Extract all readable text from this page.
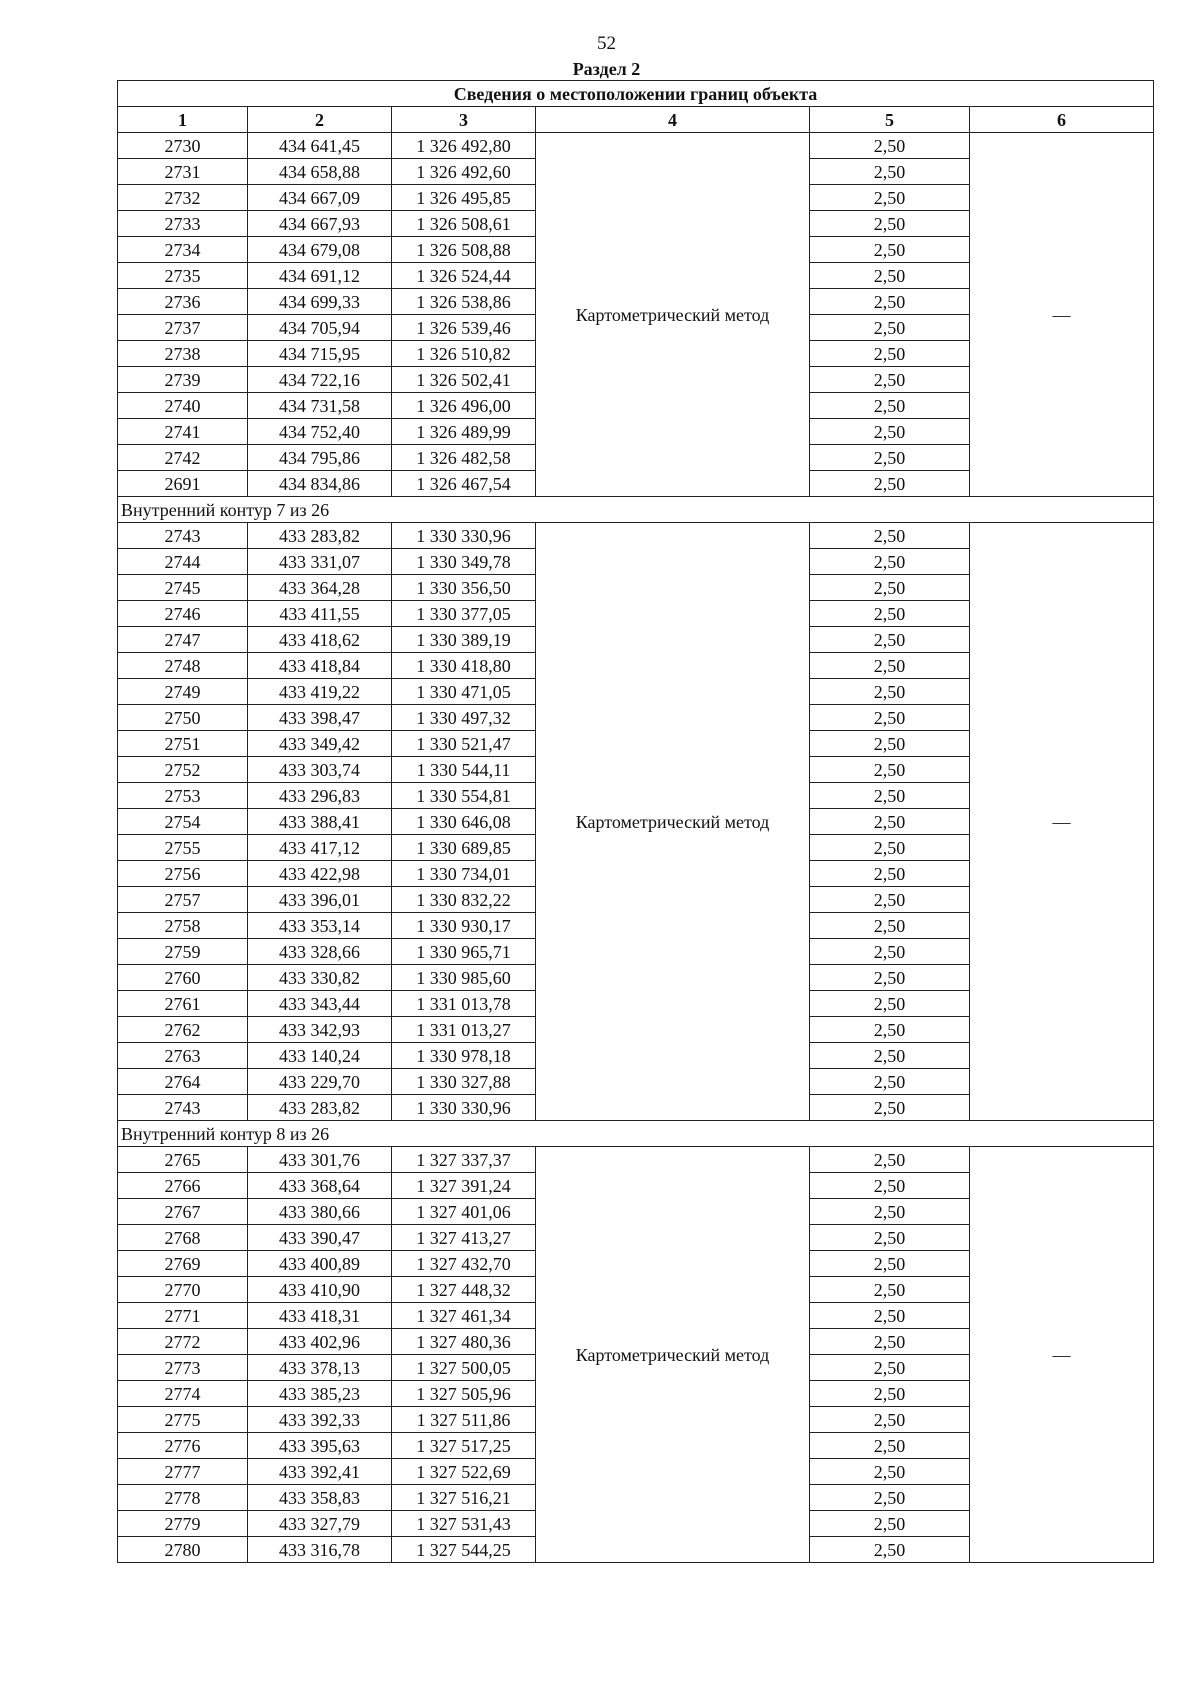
52
Раздел 2
Сведения о местоположении границ объекта					
1	2	3	4	5	6
2730	434 641,45	1 326 492,80	Картометрический метод	2,50	—
2731	434 658,88	1 326 492,60		2,50	
2732	434 667,09	1 326 495,85		2,50	
2733	434 667,93	1 326 508,61		2,50	
2734	434 679,08	1 326 508,88		2,50	
2735	434 691,12	1 326 524,44		2,50	
2736	434 699,33	1 326 538,86		2,50	
2737	434 705,94	1 326 539,46		2,50	
2738	434 715,95	1 326 510,82		2,50	
2739	434 722,16	1 326 502,41		2,50	
2740	434 731,58	1 326 496,00		2,50	
2741	434 752,40	1 326 489,99		2,50	
2742	434 795,86	1 326 482,58		2,50	
2691	434 834,86	1 326 467,54		2,50	
Внутренний контур 7 из 26					
2743	433 283,82	1 330 330,96	Картометрический метод	2,50	—
2744	433 331,07	1 330 349,78		2,50	
2745	433 364,28	1 330 356,50		2,50	
2746	433 411,55	1 330 377,05		2,50	
2747	433 418,62	1 330 389,19		2,50	
2748	433 418,84	1 330 418,80		2,50	
2749	433 419,22	1 330 471,05		2,50	
2750	433 398,47	1 330 497,32		2,50	
2751	433 349,42	1 330 521,47		2,50	
2752	433 303,74	1 330 544,11		2,50	
2753	433 296,83	1 330 554,81		2,50	
2754	433 388,41	1 330 646,08		2,50	
2755	433 417,12	1 330 689,85		2,50	
2756	433 422,98	1 330 734,01		2,50	
2757	433 396,01	1 330 832,22		2,50	
2758	433 353,14	1 330 930,17		2,50	
2759	433 328,66	1 330 965,71		2,50	
2760	433 330,82	1 330 985,60		2,50	
2761	433 343,44	1 331 013,78		2,50	
2762	433 342,93	1 331 013,27		2,50	
2763	433 140,24	1 330 978,18		2,50	
2764	433 229,70	1 330 327,88		2,50	
2743	433 283,82	1 330 330,96		2,50	
Внутренний контур 8 из 26					
2765	433 301,76	1 327 337,37	Картометрический метод	2,50	—
2766	433 368,64	1 327 391,24		2,50	
2767	433 380,66	1 327 401,06		2,50	
2768	433 390,47	1 327 413,27		2,50	
2769	433 400,89	1 327 432,70		2,50	
2770	433 410,90	1 327 448,32		2,50	
2771	433 418,31	1 327 461,34		2,50	
2772	433 402,96	1 327 480,36		2,50	
2773	433 378,13	1 327 500,05		2,50	
2774	433 385,23	1 327 505,96		2,50	
2775	433 392,33	1 327 511,86		2,50	
2776	433 395,63	1 327 517,25		2,50	
2777	433 392,41	1 327 522,69		2,50	
2778	433 358,83	1 327 516,21		2,50	
2779	433 327,79	1 327 531,43		2,50	
2780	433 316,78	1 327 544,25		2,50	
